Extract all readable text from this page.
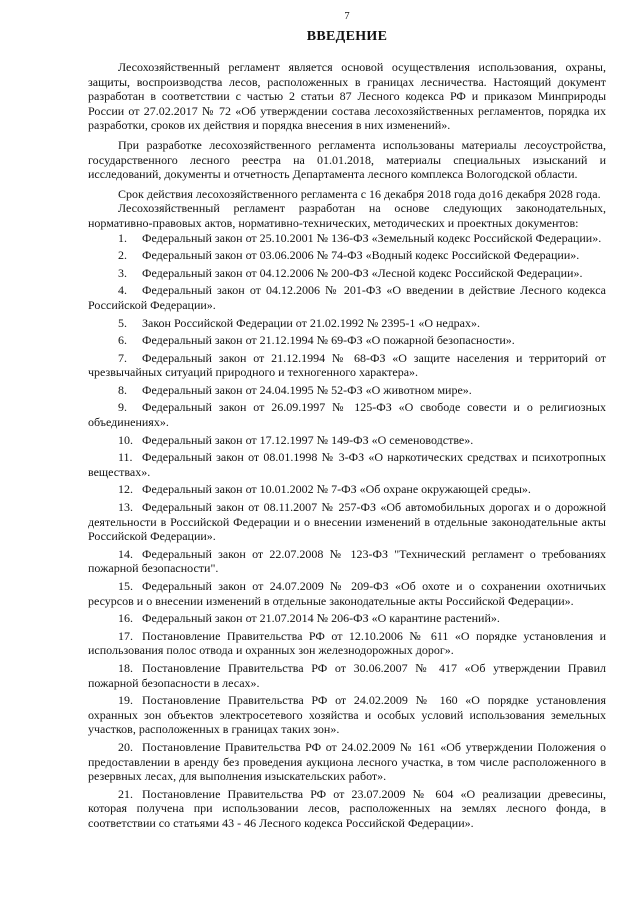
7
ВВЕДЕНИЕ

Лесохозяйственный регламент является основой осуществления использования, охраны, защиты, воспроизводства лесов, расположенных в границах лесничества. Настоящий документ разработан в соответствии с частью 2 статьи 87 Лесного кодекса РФ и приказом Минприроды России от 27.02.2017 № 72 «Об утверждении состава лесохозяйственных регламентов, порядка их разработки, сроков их действия и порядка внесения в них изменений».

При разработке лесохозяйственного регламента использованы материалы лесоустройства, государственного лесного реестра на 01.01.2018, материалы специальных изысканий и исследований, документы и отчетность Департамента лесного комплекса Вологодской области.

Срок действия лесохозяйственного регламента с 16 декабря 2018 года до16 декабря 2028 года.

Лесохозяйственный регламент разработан на основе следующих законодательных, нормативно-правовых актов, нормативно-технических, методических и проектных документов:

1. Федеральный закон от 25.10.2001 № 136-ФЗ «Земельный кодекс Российской Федерации».
2. Федеральный закон от 03.06.2006 № 74-ФЗ «Водный кодекс Российской Федерации».
3. Федеральный закон от 04.12.2006 № 200-ФЗ «Лесной кодекс Российской Федерации».
4. Федеральный закон от 04.12.2006 № 201-ФЗ «О введении в действие Лесного кодекса Российской Федерации».
5. Закон Российской Федерации от 21.02.1992 № 2395-1 «О недрах».
6. Федеральный закон от 21.12.1994 № 69-ФЗ «О пожарной безопасности».
7. Федеральный закон от 21.12.1994 № 68-ФЗ «О защите населения и территорий от чрезвычайных ситуаций природного и техногенного характера».
8. Федеральный закон от 24.04.1995 № 52-ФЗ «О животном мире».
9. Федеральный закон от 26.09.1997 № 125-ФЗ «О свободе совести и о религиозных объединениях».
10. Федеральный закон от 17.12.1997 № 149-ФЗ «О семеноводстве».
11. Федеральный закон от 08.01.1998 № 3-ФЗ «О наркотических средствах и психотропных веществах».
12. Федеральный закон от 10.01.2002 № 7-ФЗ «Об охране окружающей среды».
13. Федеральный закон от 08.11.2007 № 257-ФЗ «Об автомобильных дорогах и о дорожной деятельности в Российской Федерации и о внесении изменений в отдельные законодательные акты Российской Федерации».
14. Федеральный закон от 22.07.2008 № 123-ФЗ "Технический регламент о требованиях пожарной безопасности".
15. Федеральный закон от 24.07.2009 № 209-ФЗ «Об охоте и о сохранении охотничьих ресурсов и о внесении изменений в отдельные законодательные акты Российской Федерации».
16. Федеральный закон от 21.07.2014 № 206-ФЗ «О карантине растений».
17. Постановление Правительства РФ от 12.10.2006 № 611 «О порядке установления и использования полос отвода и охранных зон железнодорожных дорог».
18. Постановление Правительства РФ от 30.06.2007 № 417 «Об утверждении Правил пожарной безопасности в лесах».
19. Постановление Правительства РФ от 24.02.2009 № 160 «О порядке установления охранных зон объектов электросетевого хозяйства и особых условий использования земельных участков, расположенных в границах таких зон».
20. Постановление Правительства РФ от 24.02.2009 № 161 «Об утверждении Положения о предоставлении в аренду без проведения аукциона лесного участка, в том числе расположенного в резервных лесах, для выполнения изыскательских работ».
21. Постановление Правительства РФ от 23.07.2009 № 604 «О реализации древесины, которая получена при использовании лесов, расположенных на землях лесного фонда, в соответствии со статьями 43 - 46 Лесного кодекса Российской Федерации».
